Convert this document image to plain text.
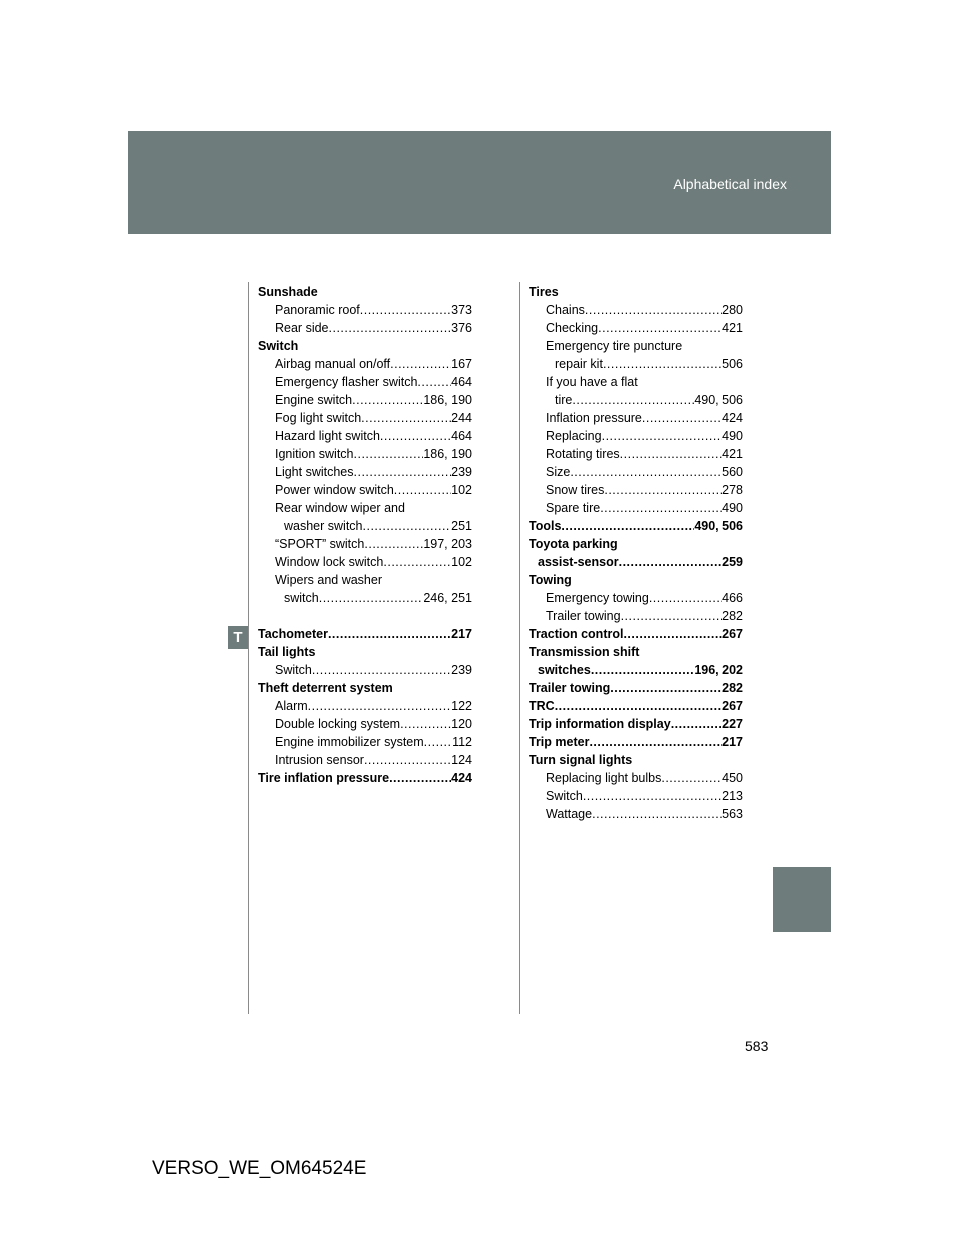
Alphabetical index
T
Sunshade
Panoramic roof .....	373
Rear side .....	376
Switch
Airbag manual on/off .....	167
Emergency flasher switch .....	464
Engine switch .....	186, 190
Fog light switch .....	244
Hazard light switch .....	464
Ignition switch .....	186, 190
Light switches .....	239
Power window switch .....	102
Rear window wiper and
washer switch .....	251
“SPORT” switch .....	197, 203
Window lock switch .....	102
Wipers and washer
switch .....	246, 251
Tachometer .....	217
Tail lights
Switch .....	239
Theft deterrent system
Alarm .....	122
Double locking system .....	120
Engine immobilizer system ..... 112
Intrusion sensor .....	124
Tire inflation pressure .....	424
Tires
Chains .....	280
Checking .....	421
Emergency tire puncture
repair kit .....	506
If you have a flat
tire .....	490, 506
Inflation pressure .....	424
Replacing .....	490
Rotating tires .....	421
Size .....	560
Snow tires .....	278
Spare tire .....	490
Tools .....	490, 506
Toyota parking
assist-sensor .....	259
Towing
Emergency towing .....	466
Trailer towing .....	282
Traction control .....	267
Transmission shift
switches .....	196, 202
Trailer towing .....	282
TRC .....	267
Trip information display .....	227
Trip meter .....	217
Turn signal lights
Replacing light bulbs .....	450
Switch .....	213
Wattage .....	563
583
VERSO_WE_OM64524E
